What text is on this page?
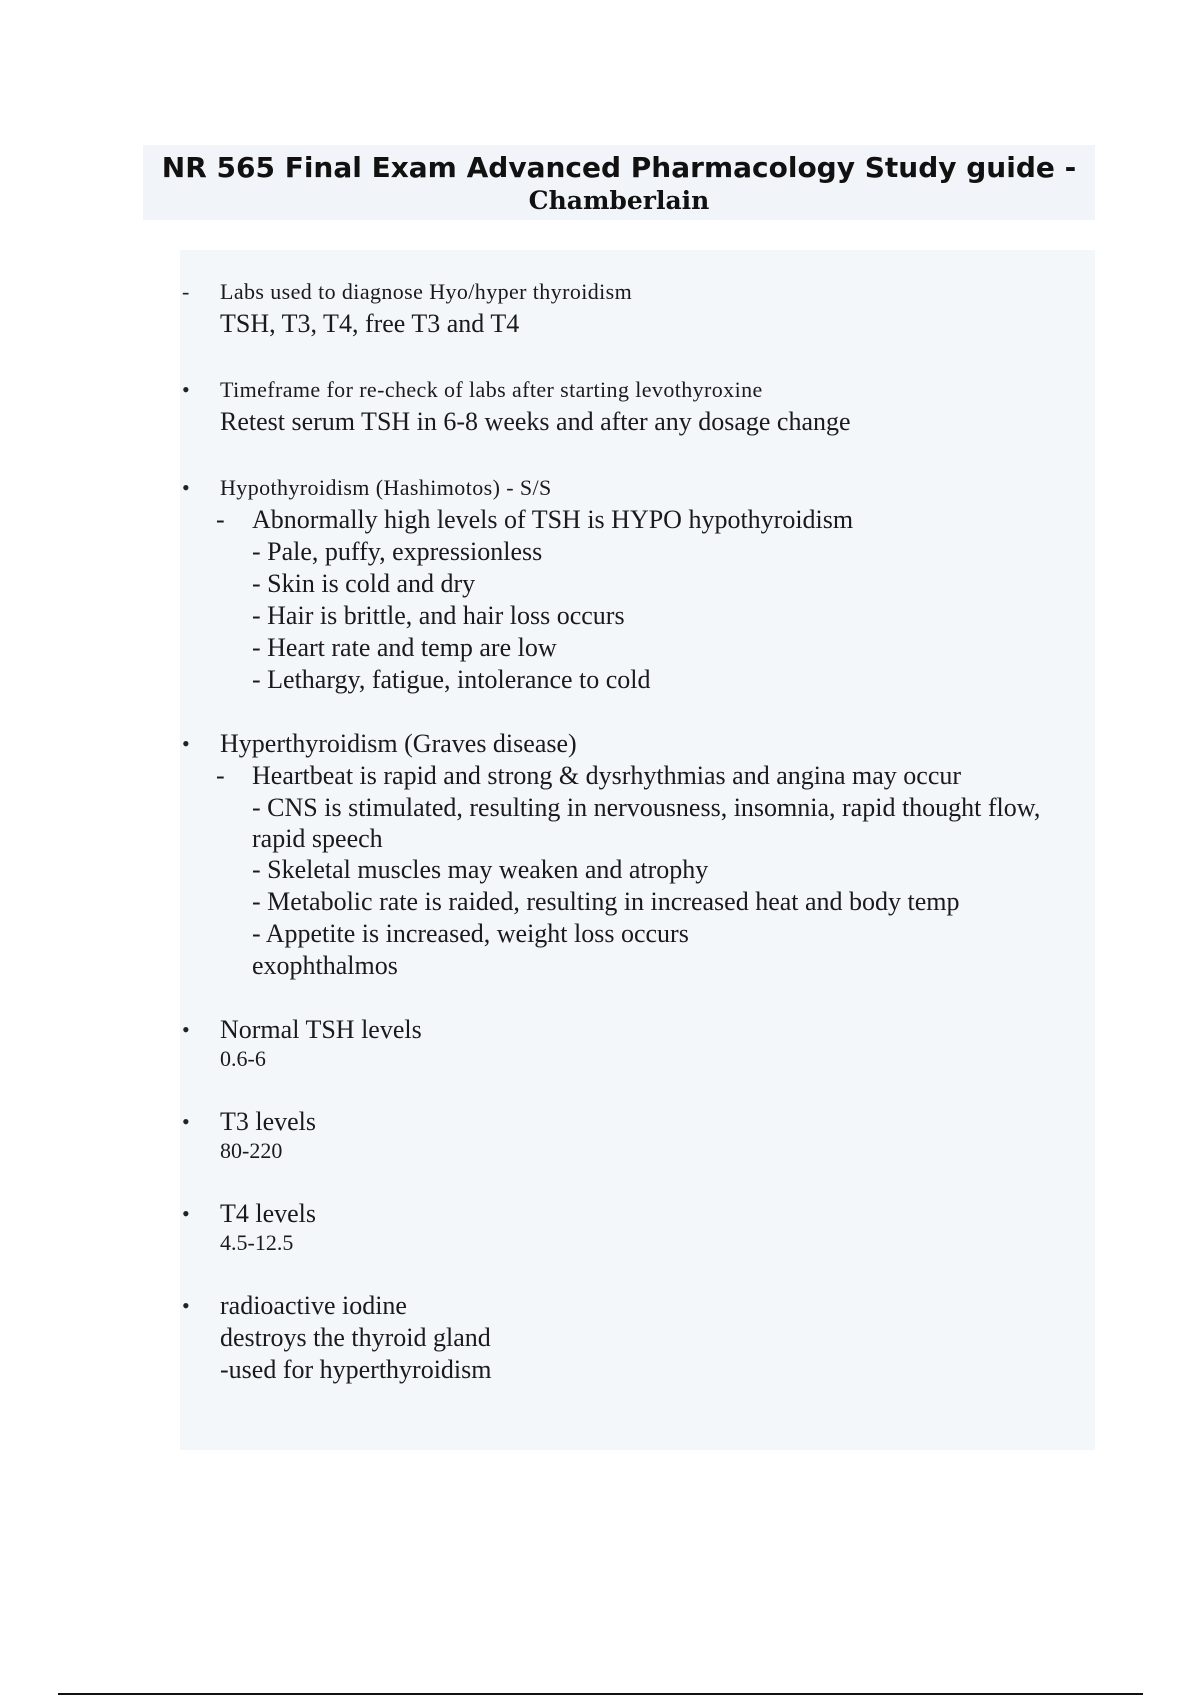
NR 565 Final Exam Advanced Pharmacology Study guide -
Chamberlain
- Labs used to diagnose Hyo/hyper thyroidism
TSH, T3, T4, free T3 and T4
• Timeframe for re-check of labs after starting levothyroxine
Retest serum TSH in 6-8 weeks and after any dosage change
• Hypothyroidism (Hashimotos) - S/S
- Abnormally high levels of TSH is HYPO hypothyroidism
- Pale, puffy, expressionless
- Skin is cold and dry
- Hair is brittle, and hair loss occurs
- Heart rate and temp are low
- Lethargy, fatigue, intolerance to cold
• Hyperthyroidism (Graves disease)
- Heartbeat is rapid and strong & dysrhythmias and angina may occur
- CNS is stimulated, resulting in nervousness, insomnia, rapid thought flow, rapid speech
- Skeletal muscles may weaken and atrophy
- Metabolic rate is raided, resulting in increased heat and body temp
- Appetite is increased, weight loss occurs
exophthalmos
• Normal TSH levels
0.6-6
• T3 levels
80-220
• T4 levels
4.5-12.5
• radioactive iodine
destroys the thyroid gland
-used for hyperthyroidism
